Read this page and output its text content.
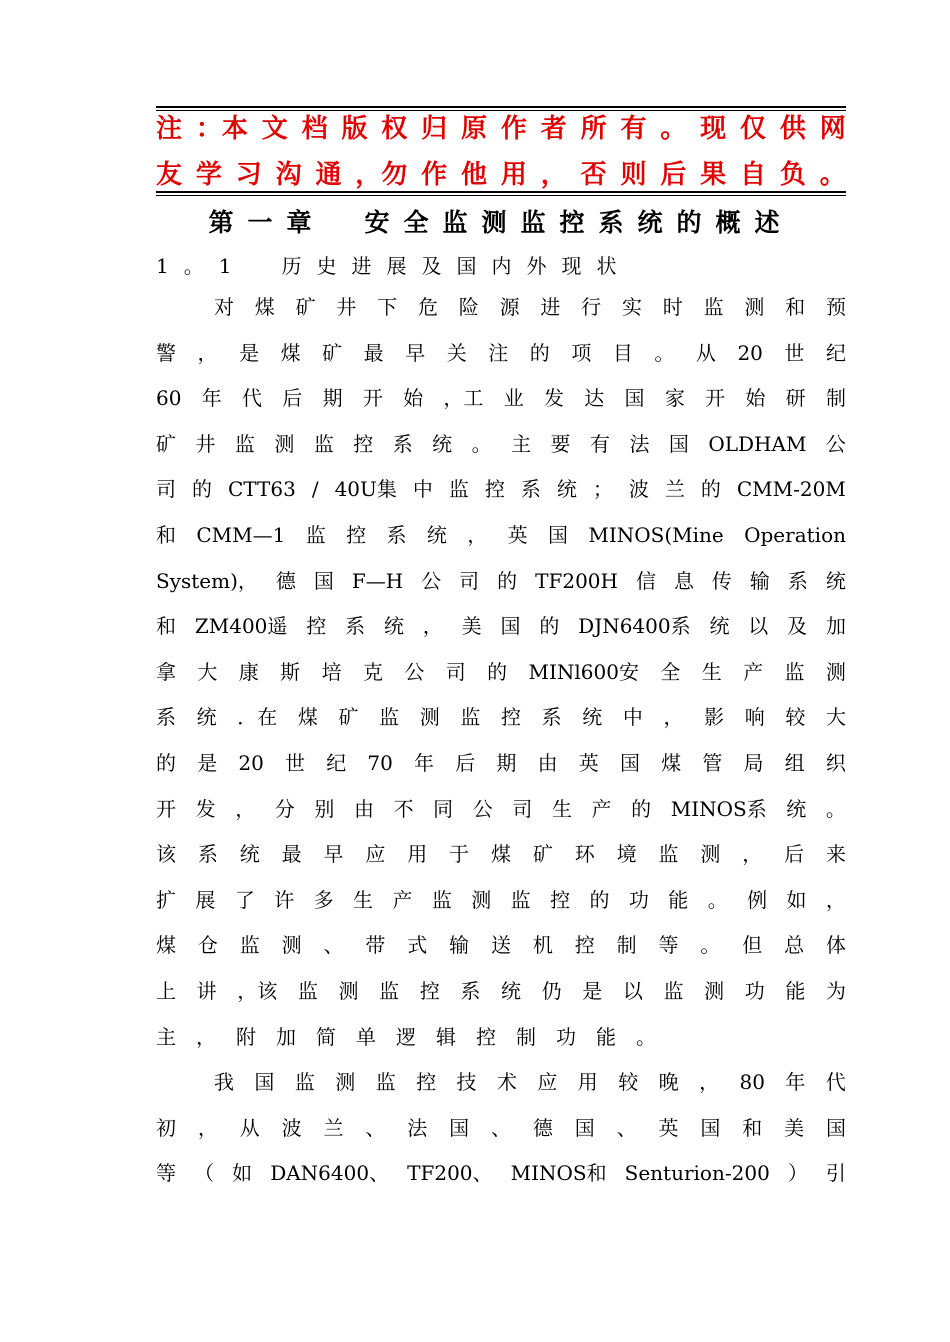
注 ：本 文 档 版 权 归 原 作 者 所 有 。 现 仅 供 网
友 学 习 沟 通 ，勿 作 他 用 ， 否 则 后 果 自 负 。
第一章　安全监测监控系统的概述
1。1　历史进展及国内外现状
对 煤 矿 井 下 危 险 源 进 行 实 时 监 测 和 预
警 ， 是 煤 矿 最 早 关 注 的 项 目 。 从 20 世 纪
60 年 代 后 期 开 始 ，工 业 发 达 国 家 开 始 研 制
矿 井 监 测 监 控 系 统 。 主 要 有 法 国 OLDHAM 公
司 的 CTT63 / 40U集 中 监 控 系 统 ； 波 兰 的 CMM-20M
和 CMM—1 监 控 系 统 ， 英 国 MINOS(Mine Operation
System)， 德 国 F—H 公 司 的 TF200H 信 息 传 输 系 统
和 ZM400遥 控 系 统 ， 美 国 的 DJN6400系 统 以 及 加
拿 大 康 斯 培 克 公 司 的 MINl600安 全 生 产 监 测
系 统 ．在 煤 矿 监 测 监 控 系 统 中 ， 影 响 较 大
的 是 20 世 纪 70 年 后 期 由 英 国 煤 管 局 组 织
开 发 ， 分 别 由 不 同 公 司 生 产 的 MINOS系 统 。
该 系 统 最 早 应 用 于 煤 矿 环 境 监 测 ， 后 来
扩 展 了 许 多 生 产 监 测 监 控 的 功 能 。 例 如 ，
煤 仓 监 测 、 带 式 输 送 机 控 制 等 。 但 总 体
上 讲 ，该 监 测 监 控 系 统 仍 是 以 监 测 功 能 为
主 ， 附 加 简 单 逻 辑 控 制 功 能 。
我 国 监 测 监 控 技 术 应 用 较 晚 ， 80 年 代
初 ， 从 波 兰 、 法 国 、 德 国 、 英 国 和 美 国
等 （ 如 DAN6400、 TF200、 MINOS和 Senturion-200 ） 引
